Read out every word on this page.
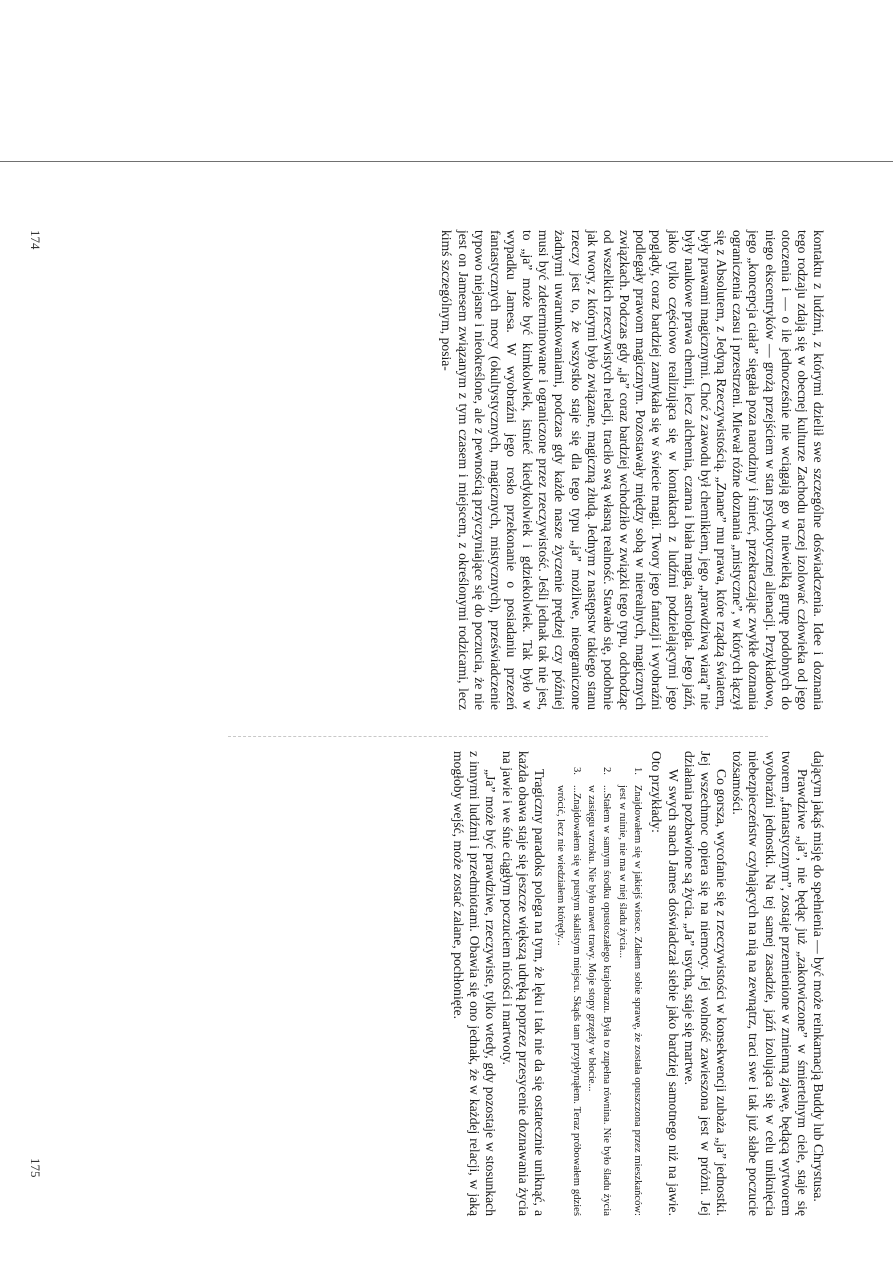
kontaktu z ludźmi, z którymi dzielił swe szczególne doświadczenia. Idee i doznania tego rodzaju zdają się w obecnej kulturze Zachodu raczej izolować człowieka od jego otoczenia i — o ile jednocześnie nie wciągają go w niewielką grupę podobnych do niego ekscentryków — grożą przejściem w stan psychotycznej alienacji. Przykładowo, jego „koncepcja ciała” sięgała poza narodziny i śmierć, przekraczając zwykłe doznania ograniczenia czasu i przestrzeni. Miewał różne doznania „mistyczne”, w których łączył się z Absolutem, z Jedyną Rzeczywistością. „Znane” mu prawa, które rządzą światem, były prawami magicznymi. Choć z zawodu był chemikiem, jego „prawdziwą wiarą” nie były naukowe prawa chemii, lecz alchemia, czarna i biała magia, astrologia. Jego jaźń, jako tylko częściowo realizująca się w kontaktach z ludźmi podzielającymi jego poglądy, coraz bardziej zamykała się w świecie magii. Twory jego fantazji i wyobraźni podlegały prawom magicznym. Pozostawały między sobą w nierealnych, magicznych związkach. Podczas gdy „ja” coraz bardziej wchodziło w związki tego typu, odchodząc od wszelkich rzeczywistych relacji, traciło swą własną realność. Stawało się, podobnie jak twory, z którymi było związane, magiczną złudą. Jednym z następstw takiego stanu rzeczy jest to, że wszystko staje się dla tego typu „ja” możliwe, nieograniczone żadnymi uwarunkowaniami, podczas gdy każde nasze życzenie prędzej czy później musi być zdeterminowane i ograniczone przez rzeczywistość. Jeśli jednak tak nie jest, to „ja” może być kimkolwiek, istnieć kiedykolwiek i gdziekolwiek. Tak było w wypadku Jamesa. W wyobraźni jego rosło przekonanie o posiadaniu przezeń fantastycznych mocy (okultystycznych, magicznych, mistycznych), przeświadczenie typowo niejasne i nieokreślone, ale z pewnością przyczyniające się do poczucia, że nie jest on Jamesem związanym z tym czasem i miejscem, z określonymi rodzicami, lecz kimś szczególnym, posia-

dającym jakąś misję do spełnienia — być może reinkarnacją Buddy lub Chrystusa.

Prawdziwe „ja”, nie będąc już „zakotwiczone” w śmiertelnym ciele, staje się tworem „fantastycznym”, zostaje przemienione w zmienną zjawę, będącą wytworem wyobraźni jednostki. Na tej samej zasadzie, jaźń izolująca się w celu uniknięcia niebezpieczeństw czyhających na nią na zewnątrz, traci swe i tak już słabe poczucie tożsamości.

Co gorsza, wycofanie się z rzeczywistości w konsekwencji zubaża „ja” jednostki. Jej wszechmoc opiera się na niemocy. Jej wolność zawieszona jest w próżni. Jej działania pozbawione są życia. „Ja” usycha, staje się martwe.

W swych snach James doświadczał siebie jako bardziej samotnego niż na jawie. Oto przykłady:

1.Znajdowałem się w jakiejś wiosce. Zdałem sobie sprawę, że została opuszczona przez mieszkańców: jest w ruinie, nie ma w niej śladu życia...
2....Stałem w samym środku opustoszałego krajobrazu. Była to zupełna równina. Nie było śladu życia w zasięgu wzroku. Nie było nawet trawy. Moje stopy grzęzły w błocie...
3....Znajdowałem się w pustym skalistym miejscu. Skąds tam przypłynąłem. Teraz próbowałem gdzieś wrócić, lecz nie wiedziałem którędy...

Tragiczny paradoks polega na tym, że lęku i tak nie da się ostatecznie uniknąć, a każda obawa staje się jeszcze większą udręką poprzez przesycenie doznawania życia na jawie i we śnie ciągłym poczuciem nicości i martwoty.

„Ja” może być prawdziwe, rzeczywiste, tylko wtedy, gdy pozostaje w stosunkach z innymi ludźmi i przedmiotami. Obawia się ono jednak, że w każdej relacji, w jaką mogłoby wejść, może zostać zalane, pochłonięte.

174
175
